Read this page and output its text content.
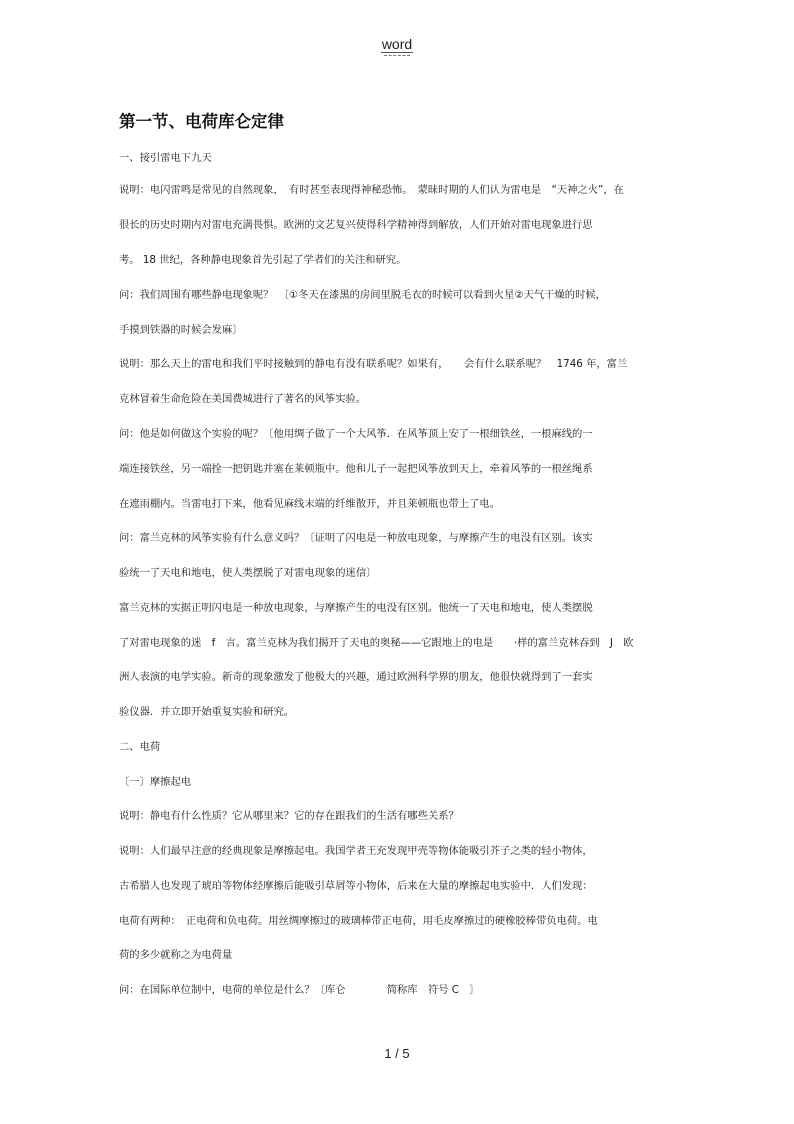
word
第一节、电荷库仑定律
一、接引雷电下九天
说明：电闪雷鸣是常见的自然现象，　有时甚至表现得神秘恐怖。　蒙昧时期的人们认为雷电是　“天神之火”，在
很长的历史时期内对雷电充满畏惧。欧洲的文艺复兴使得科学精神得到解放，人们开始对雷电现象进行思
考。 18 世纪，各种静电现象首先引起了学者们的关注和研究。
问：我们周围有哪些静电现象呢？　〔①冬天在漆黑的房间里脱毛衣的时候可以看到火星②天气干燥的时候，
手摸到铁器的时候会发麻〕
说明：那么天上的雷电和我们平时接触到的静电有没有联系呢？如果有，　　会有什么联系呢？　1746 年，富兰
克林冒着生命危险在美国费城进行了著名的风筝实验。
问：他是如何做这个实验的呢？〔他用绸子做了一个大风筝．在风筝顶上安了一根细铁丝，一根麻线的一
端连接铁丝，另一端拴一把钥匙并塞在莱顿瓶中。他和儿子一起把风筝放到天上，牵着风筝的一根丝绳系
在遮雨棚内。当雷电打下来，他看见麻线末端的纤维散开，并且莱顿瓶也带上了电。
问：富兰克林的风筝实验有什么意义吗？〔证明了闪电是一种放电现象，与摩擦产生的电没有区别。该实
验统一了天电和地电，使人类摆脱了对雷电现象的迷信〕
富兰克林的实据正明闪电是一种放电现象，与摩擦产生的电没有区别。他统一了天电和地电，使人类摆脱
了对雷电现象的迷　f　言。富兰克林为我们揭开了天电的奥秘——它跟地上的电是　　·样的富兰克林吞到　J　欧
洲人表演的电学实验。新奇的现象激发了他极大的兴趣，通过欧洲科学界的朋友，他很快就得到了一套实
验仪器．并立即开始重复实验和研究。
二、电荷
〔一〕摩擦起电
说明：静电有什么性质？它从哪里来？它的存在跟我们的生活有哪些关系？
说明：人们最早注意的经典现象是摩擦起电。我国学者王充发现甲壳等物体能吸引芥子之类的轻小物体，
古希腊人也发现了琥珀等物体经摩擦后能吸引草屑等小物体，后来在大量的摩擦起电实验中．人们发现：
电荷有两种：　正电荷和负电荷。用丝绸摩擦过的玻璃棒带正电荷，用毛皮摩擦过的硬橡胶棒带负电荷。电
荷的多少就称之为电荷量
问：在国际单位制中，电荷的单位是什么？〔库仑　　　　简称库　符号 C　〕
1 / 5
